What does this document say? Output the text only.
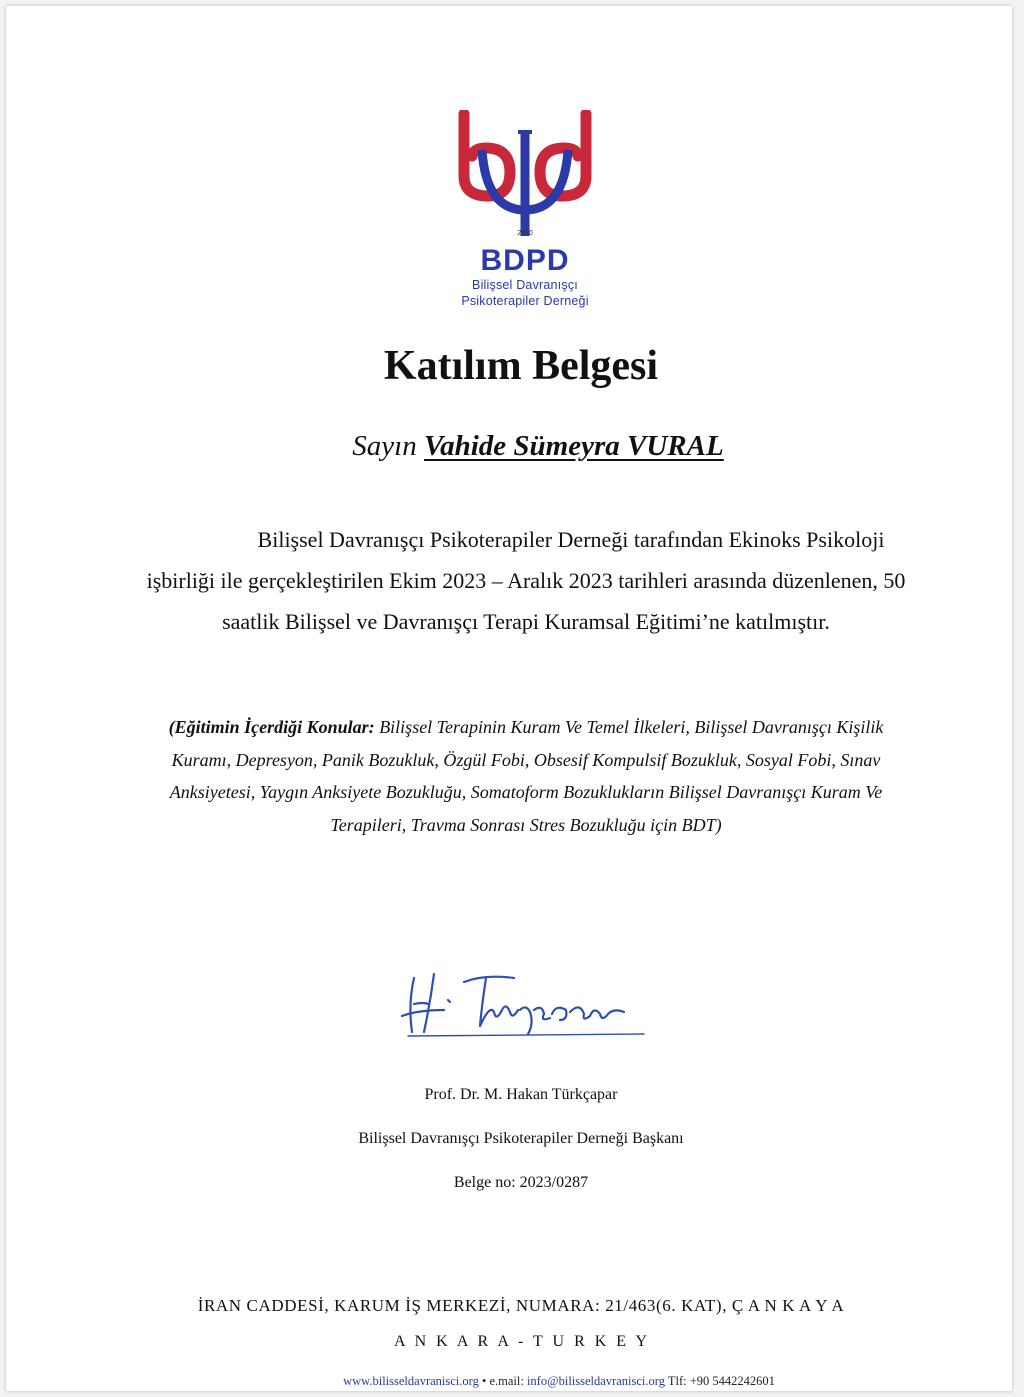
2010
BDPD
Bilişsel Davranışçı
Psikoterapiler Derneği
Katılım Belgesi
Sayın Vahide Sümeyra VURAL

Bilişsel Davranışçı Psikoterapiler Derneği tarafından Ekinoks Psikoloji işbirliği ile gerçekleştirilen Ekim 2023 – Aralık 2023 tarihleri arasında düzenlenen, 50 saatlik Bilişsel ve Davranışçı Terapi Kuramsal Eğitimi’ne katılmıştır.

(Eğitimin İçerdiği Konular: Bilişsel Terapinin Kuram Ve Temel İlkeleri, Bilişsel Davranışçı Kişilik Kuramı, Depresyon, Panik Bozukluk, Özgül Fobi, Obsesif Kompulsif Bozukluk, Sosyal Fobi, Sınav Anksiyetesi, Yaygın Anksiyete Bozukluğu, Somatoform Bozuklukların Bilişsel Davranışçı Kuram Ve Terapileri, Travma Sonrası Stres Bozukluğu için BDT)
Prof. Dr. M. Hakan Türkçapar
Bilişsel Davranışçı Psikoterapiler Derneği Başkanı
Belge no: 2023/0287
İRAN CADDESİ, KARUM İŞ MERKEZİ, NUMARA: 21/463(6. KAT), Ç A N K A Y A
A N K A R A - T U R K E Y
www.bilisseldavranisci.org • e.mail: info@bilisseldavranisci.org Tlf: +90 5442242601
